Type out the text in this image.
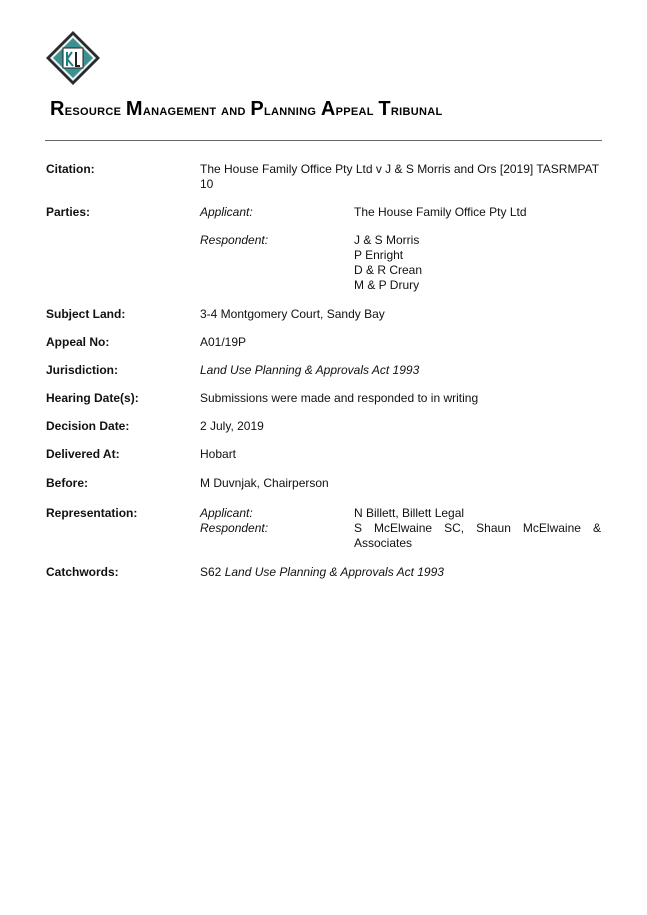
Resource Management and Planning Appeal Tribunal
Citation:	The House Family Office Pty Ltd v J & S Morris and Ors [2019] TASRMPAT
10
Parties:	Applicant:	The House Family Office Pty Ltd
Respondent:	J & S Morris
P Enright
D & R Crean
M & P Drury
Subject Land:	3-4 Montgomery Court, Sandy Bay
Appeal No:	A01/19P
Jurisdiction:	Land Use Planning & Approvals Act 1993
Hearing Date(s):	Submissions were made and responded to in writing
Decision Date:	2 July, 2019
Delivered At:	Hobart
Before:	M Duvnjak, Chairperson
Representation:	Applicant:	N Billett, Billett Legal
Respondent:	S McElwaine SC, Shaun McElwaine &
Associates
Catchwords:	S62 Land Use Planning & Approvals Act 1993
